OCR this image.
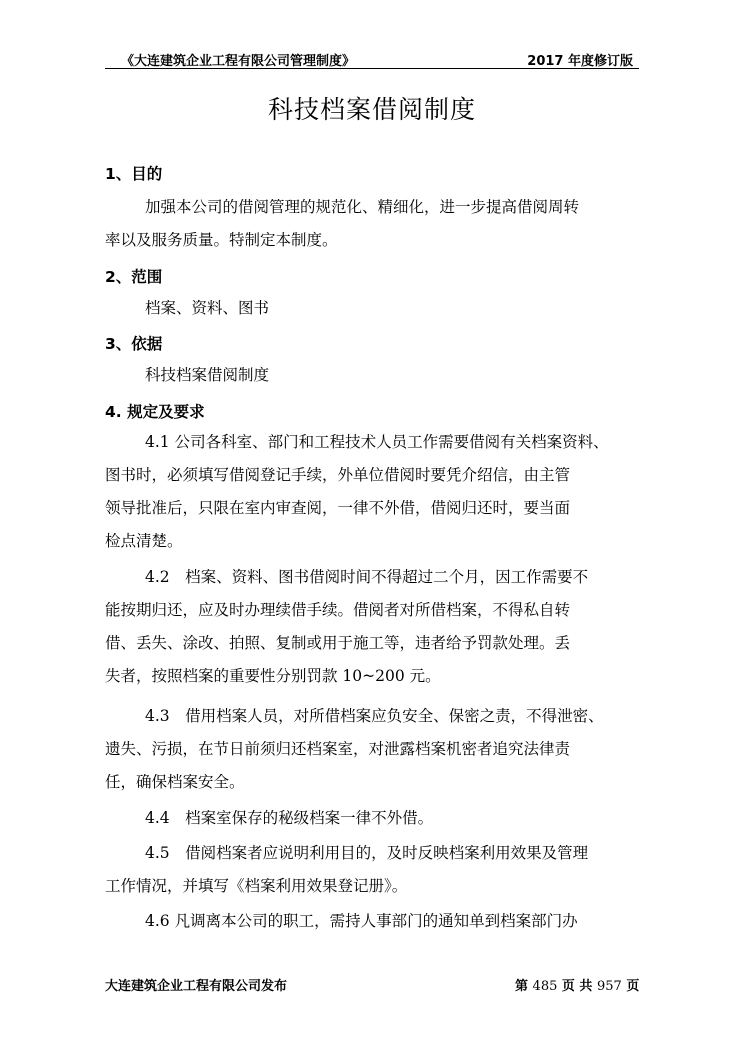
《大连建筑企业工程有限公司管理制度》	2017 年度修订版
科技档案借阅制度
1、目的
加强本公司的借阅管理的规范化、精细化，进一步提高借阅周转
率以及服务质量。特制定本制度。
2、范围
档案、资料、图书
3、依据
科技档案借阅制度
4. 规定及要求
4.1 公司各科室、部门和工程技术人员工作需要借阅有关档案资料、
图书时，必须填写借阅登记手续，外单位借阅时要凭介绍信，由主管
领导批准后，只限在室内审查阅，一律不外借，借阅归还时，要当面
检点清楚。
4.2　档案、资料、图书借阅时间不得超过二个月，因工作需要不
能按期归还，应及时办理续借手续。借阅者对所借档案，不得私自转
借、丢失、涂改、拍照、复制或用于施工等，违者给予罚款处理。丢
失者，按照档案的重要性分别罚款 10~200 元。
4.3　借用档案人员，对所借档案应负安全、保密之责，不得泄密、
遗失、污损，在节日前须归还档案室，对泄露档案机密者追究法律责
任，确保档案安全。
4.4　档案室保存的秘级档案一律不外借。
4.5　借阅档案者应说明利用目的，及时反映档案利用效果及管理
工作情况，并填写《档案利用效果登记册》。
4.6 凡调离本公司的职工，需持人事部门的通知单到档案部门办
大连建筑企业工程有限公司发布	第 485 页 共 957 页
